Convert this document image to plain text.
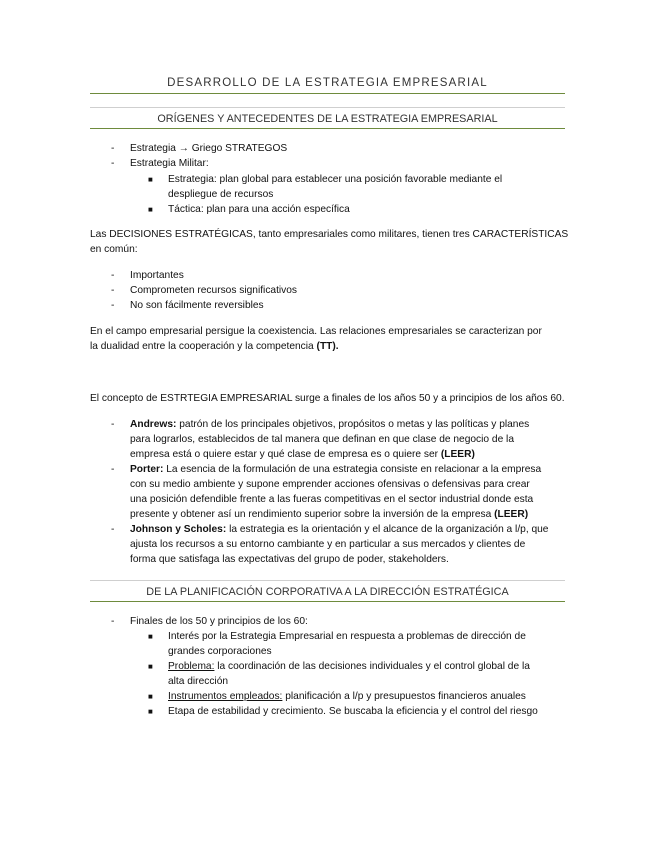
DESARROLLO DE LA ESTRATEGIA EMPRESARIAL
ORÍGENES Y ANTECEDENTES DE LA ESTRATEGIA EMPRESARIAL
- Estrategia → Griego STRATEGOS
- Estrategia Militar:
■ Estrategia: plan global para establecer una posición favorable mediante el
despliegue de recursos
■ Táctica: plan para una acción específica
Las DECISIONES ESTRATÉGICAS, tanto empresariales como militares, tienen tres CARACTERÍSTICAS
en común:
- Importantes
- Comprometen recursos significativos
- No son fácilmente reversibles
En el campo empresarial persigue la coexistencia. Las relaciones empresariales se caracterizan por
la dualidad entre la cooperación y la competencia (TT).
El concepto de ESTRTEGIA EMPRESARIAL surge a finales de los años 50 y a principios de los años 60.
- Andrews: patrón de los principales objetivos, propósitos o metas y las políticas y planes
para lograrlos, establecidos de tal manera que definan en que clase de negocio de la
empresa está o quiere estar y qué clase de empresa es o quiere ser (LEER)
- Porter: La esencia de la formulación de una estrategia consiste en relacionar a la empresa
con su medio ambiente y supone emprender acciones ofensivas o defensivas para crear
una posición defendible frente a las fueras competitivas en el sector industrial donde esta
presente y obtener así un rendimiento superior sobre la inversión de la empresa (LEER)
- Johnson y Scholes: la estrategia es la orientación y el alcance de la organización a l/p, que
ajusta los recursos a su entorno cambiante y en particular a sus mercados y clientes de
forma que satisfaga las expectativas del grupo de poder, stakeholders.
DE LA PLANIFICACIÓN CORPORATIVA A LA DIRECCIÓN ESTRATÉGICA
- Finales de los 50 y principios de los 60:
■ Interés por la Estrategia Empresarial en respuesta a problemas de dirección de
grandes corporaciones
■ Problema: la coordinación de las decisiones individuales y el control global de la
alta dirección
■ Instrumentos empleados: planificación a l/p y presupuestos financieros anuales
■ Etapa de estabilidad y crecimiento. Se buscaba la eficiencia y el control del riesgo
